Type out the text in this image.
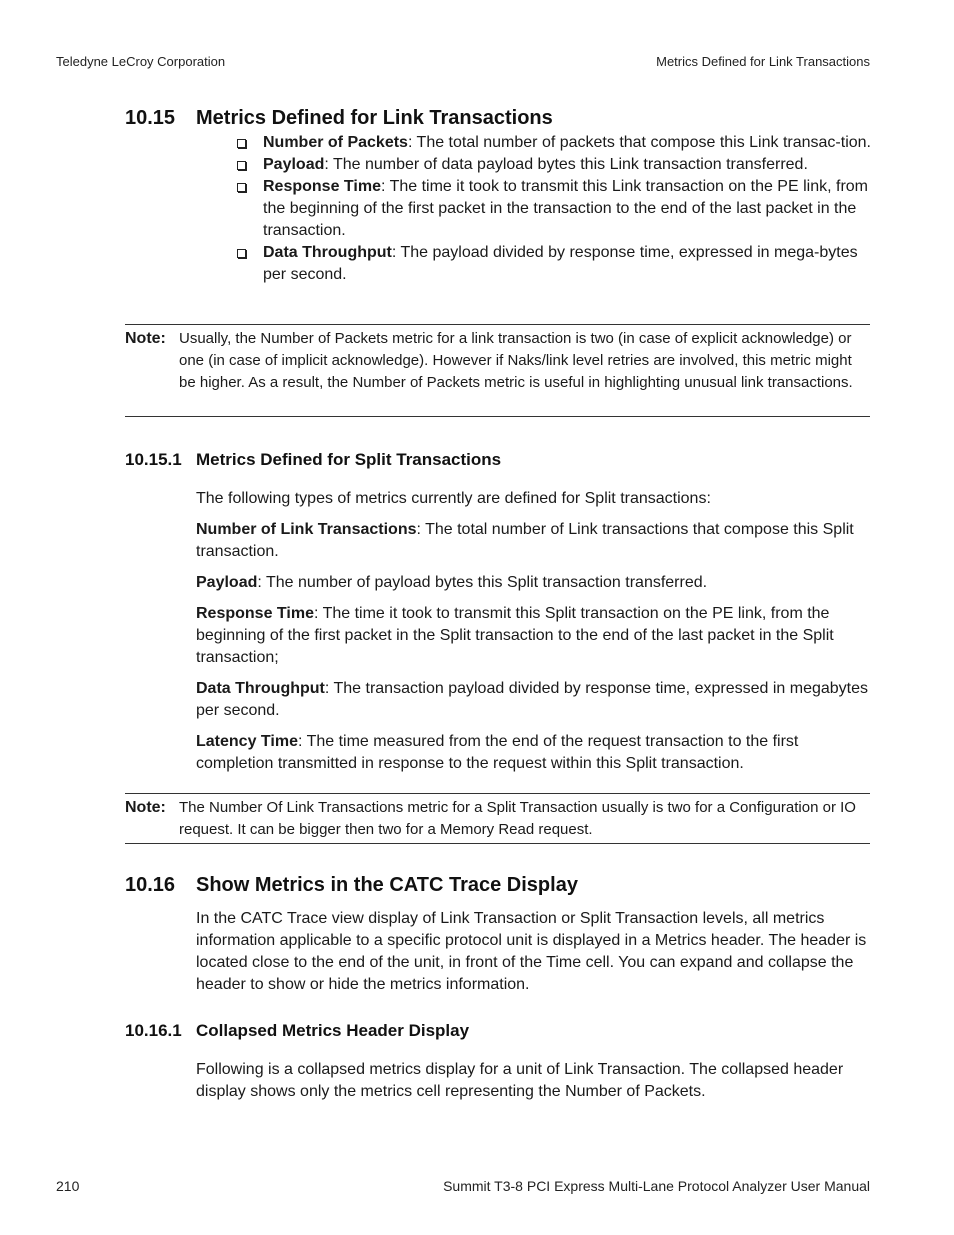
Teledyne LeCroy Corporation	Metrics Defined for Link Transactions
10.15 Metrics Defined for Link Transactions
Number of Packets: The total number of packets that compose this Link transac-tion.
Payload: The number of data payload bytes this Link transaction transferred.
Response Time: The time it took to transmit this Link transaction on the PE link, from the beginning of the first packet in the transaction to the end of the last packet in the transaction.
Data Throughput: The payload divided by response time, expressed in mega-bytes per second.
Note: Usually, the Number of Packets metric for a link transaction is two (in case of explicit acknowledge) or one (in case of implicit acknowledge). However if Naks/link level retries are involved, this metric might be higher. As a result, the Number of Packets metric is useful in highlighting unusual link transactions.
10.15.1 Metrics Defined for Split Transactions

The following types of metrics currently are defined for Split transactions:

Number of Link Transactions: The total number of Link transactions that compose this Split transaction.

Payload: The number of payload bytes this Split transaction transferred.

Response Time: The time it took to transmit this Split transaction on the PE link, from the beginning of the first packet in the Split transaction to the end of the last packet in the Split transaction;

Data Throughput: The transaction payload divided by response time, expressed in megabytes per second.

Latency Time: The time measured from the end of the request transaction to the first completion transmitted in response to the request within this Split transaction.

Note: The Number Of Link Transactions metric for a Split Transaction usually is two for a Configuration or IO request. It can be bigger then two for a Memory Read request.
10.16 Show Metrics in the CATC Trace Display
In the CATC Trace view display of Link Transaction or Split Transaction levels, all metrics information applicable to a specific protocol unit is displayed in a Metrics header. The header is located close to the end of the unit, in front of the Time cell. You can expand and collapse the header to show or hide the metrics information.
10.16.1 Collapsed Metrics Header Display
Following is a collapsed metrics display for a unit of Link Transaction. The collapsed header display shows only the metrics cell representing the Number of Packets.
210	Summit T3-8 PCI Express Multi-Lane Protocol Analyzer User Manual
